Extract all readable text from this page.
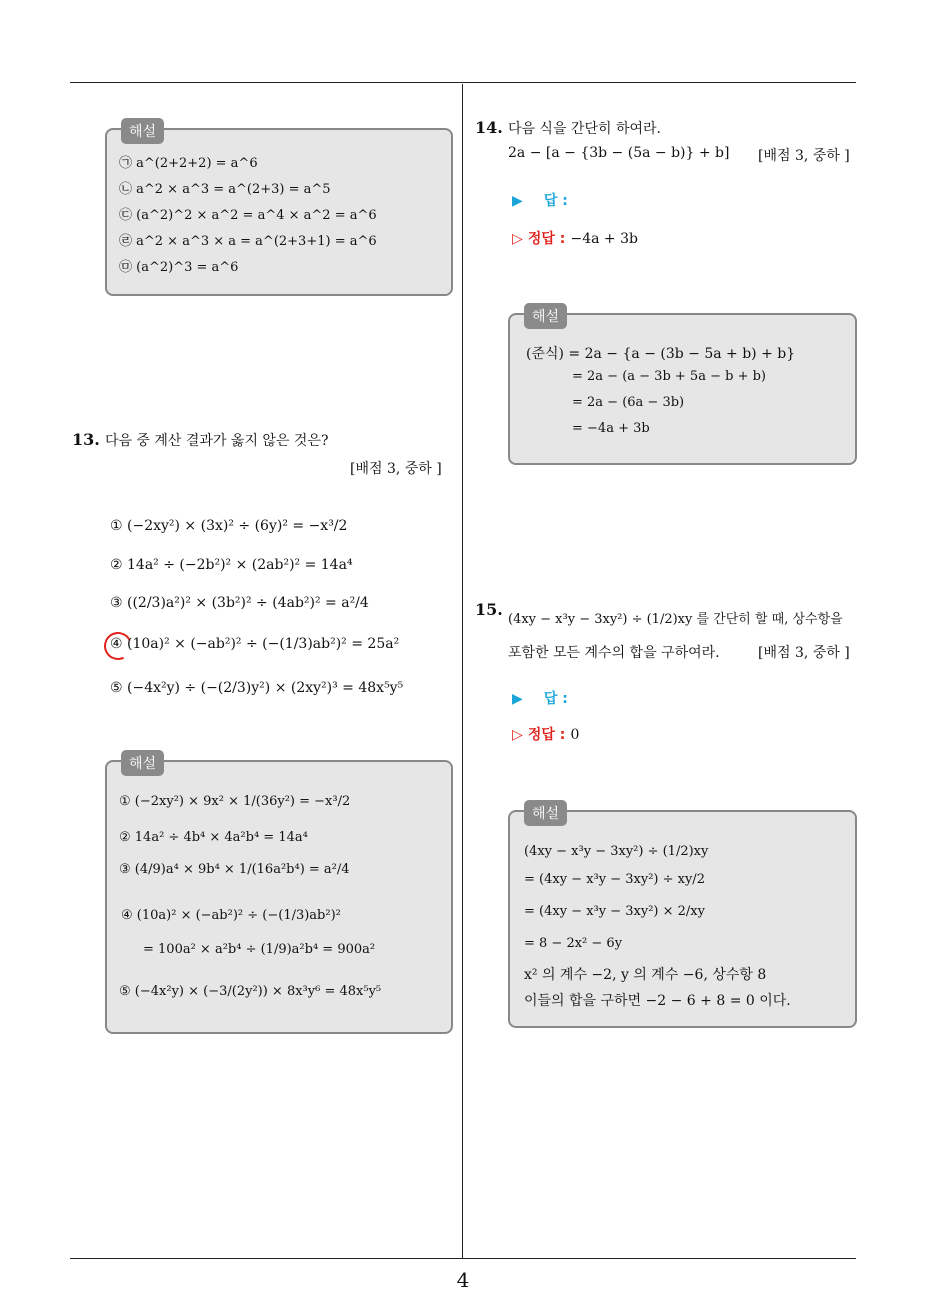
해설
㉠ a^(2+2+2) = a^6
㉡ a^2 × a^3 = a^(2+3) = a^5
㉢ (a^2)^2 × a^2 = a^4 × a^2 = a^6
㉣ a^2 × a^3 × a = a^(2+3+1) = a^6
㉤ (a^2)^3 = a^6
13. 다음 중 계산 결과가 옳지 않은 것은?
[배점 3, 중하 ]
① (−2xy²) × (3x)² ÷ (6y)² = −x³/2
② 14a² ÷ (−2b²)² × (2ab²)² = 14a⁴
③ ((2/3)a²)² × (3b²)² ÷ (4ab²)² = a²/4
④ (10a)² × (−ab²)² ÷ (−(1/3)ab²)² = 25a²
⑤ (−4x²y) ÷ (−(2/3)y²) × (2xy²)³ = 48x⁵y⁵
해설
① (−2xy²) × 9x² × 1/(36y²) = −x³/2
② 14a² ÷ 4b⁴ × 4a²b⁴ = 14a⁴
③ (4/9)a⁴ × 9b⁴ × 1/(16a²b⁴) = a²/4
④ (10a)² × (−ab²)² ÷ (−(1/3)ab²)²
= 100a² × a²b⁴ ÷ (1/9)a²b⁴ = 900a²
⑤ (−4x²y) × (−3/(2y²)) × 8x³y⁶ = 48x⁵y⁵
14. 다음 식을 간단히 하여라.
2a − [a − {3b − (5a − b)} + b] [배점 3, 중하 ]
▶ 답 :
▷ 정답 : −4a + 3b
해설
(준식) = 2a − {a − (3b − 5a + b) + b}
= 2a − (a − 3b + 5a − b + b)
= 2a − (6a − 3b)
= −4a + 3b
15.
(4xy − x³y − 3xy²) ÷ (1/2)xy 를 간단히 할 때, 상수항을
포함한 모든 계수의 합을 구하여라.	[배점 3, 중하 ]
▶ 답 :
▷ 정답 : 0
해설
(4xy − x³y − 3xy²) ÷ (1/2)xy
= (4xy − x³y − 3xy²) ÷ xy/2
= (4xy − x³y − 3xy²) × 2/xy
= 8 − 2x² − 6y
x² 의 계수 −2, y 의 계수 −6, 상수항 8
이들의 합을 구하면 −2 − 6 + 8 = 0 이다.
4
